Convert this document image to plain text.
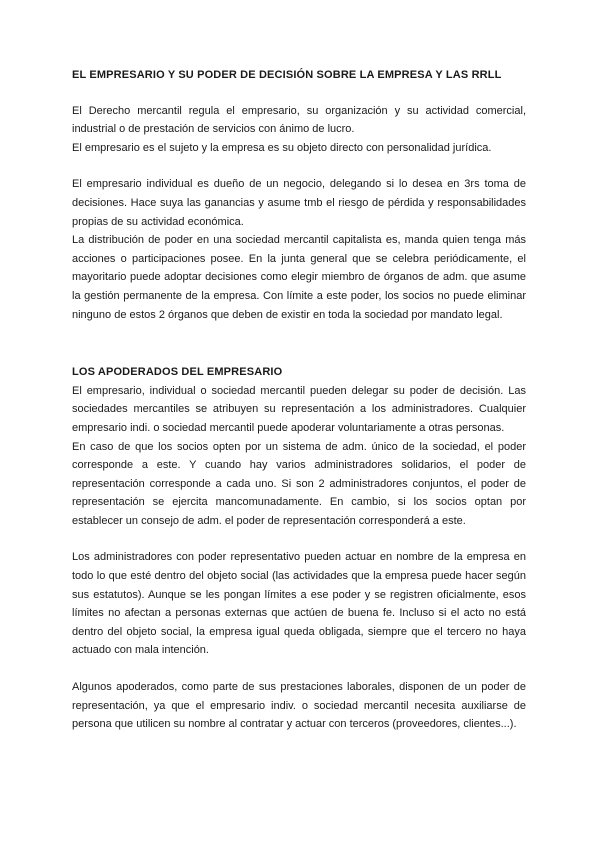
EL EMPRESARIO Y SU PODER DE DECISIÓN SOBRE LA EMPRESA Y LAS RRLL

El Derecho mercantil regula el empresario, su organización y su actividad comercial, industrial o de prestación de servicios con ánimo de lucro.

El empresario es el sujeto y la empresa es su objeto directo con personalidad jurídica.

El empresario individual es dueño de un negocio, delegando si lo desea en 3rs toma de decisiones. Hace suya las ganancias y asume tmb el riesgo de pérdida y responsabilidades propias de su actividad económica.

La distribución de poder en una sociedad mercantil capitalista es, manda quien tenga más acciones o participaciones posee. En la junta general que se celebra periódicamente, el mayoritario puede adoptar decisiones como elegir miembro de órganos de adm. que asume la gestión permanente de la empresa. Con límite a este poder, los socios no puede eliminar ninguno de estos 2 órganos que deben de existir en toda la sociedad por mandato legal.

LOS APODERADOS DEL EMPRESARIO

El empresario, individual o sociedad mercantil pueden delegar su poder de decisión. Las sociedades mercantiles se atribuyen su representación a los administradores. Cualquier empresario indi. o sociedad mercantil puede apoderar voluntariamente a otras personas.

En caso de que los socios opten por un sistema de adm. único de la sociedad, el poder corresponde a este. Y cuando hay varios administradores solidarios, el poder de representación corresponde a cada uno. Si son 2 administradores conjuntos, el poder de representación se ejercita mancomunadamente. En cambio, si los socios optan por establecer un consejo de adm. el poder de representación corresponderá a este.

Los administradores con poder representativo pueden actuar en nombre de la empresa en todo lo que esté dentro del objeto social (las actividades que la empresa puede hacer según sus estatutos). Aunque se les pongan límites a ese poder y se registren oficialmente, esos límites no afectan a personas externas que actúen de buena fe. Incluso si el acto no está dentro del objeto social, la empresa igual queda obligada, siempre que el tercero no haya actuado con mala intención.

Algunos apoderados, como parte de sus prestaciones laborales, disponen de un poder de representación, ya que el empresario indiv. o sociedad mercantil necesita auxiliarse de persona que utilicen su nombre al contratar y actuar con terceros (proveedores, clientes...).
